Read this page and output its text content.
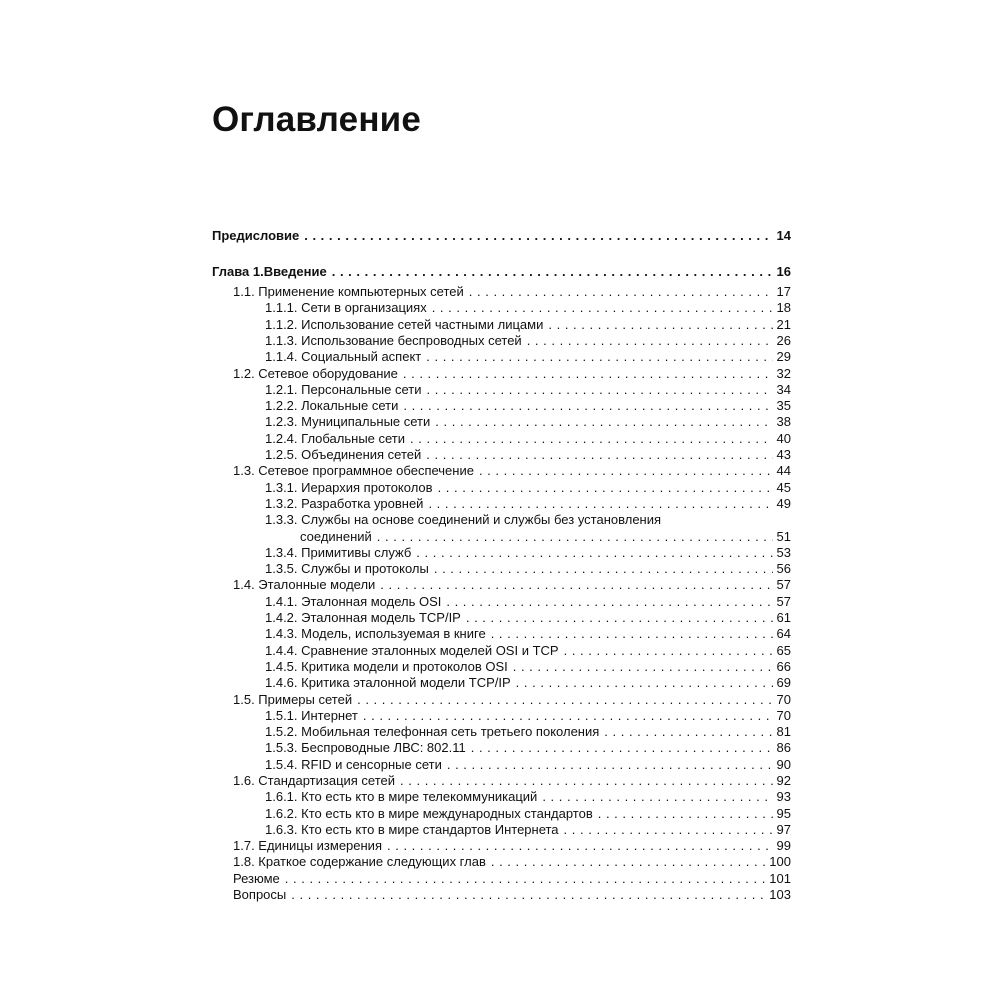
Оглавление
Предисловие . . .	14
Глава 1.Введение . . .	16
1.1. Применение компьютерных сетей . . .	17
1.1.1. Сети в организациях . . .	18
1.1.2. Использование сетей частными лицами . . .	21
1.1.3. Использование беспроводных сетей . . .	26
1.1.4. Социальный аспект . . .	29
1.2. Сетевое оборудование . . .	32
1.2.1. Персональные сети . . .	34
1.2.2. Локальные сети . . .	35
1.2.3. Муниципальные сети . . .	38
1.2.4. Глобальные сети . . .	40
1.2.5. Объединения сетей . . .	43
1.3. Сетевое программное обеспечение . . .	44
1.3.1. Иерархия протоколов . . .	45
1.3.2. Разработка уровней . . .	49
1.3.3. Службы на основе соединений и службы без установления
соединений . . .	51
1.3.4. Примитивы служб . . .	53
1.3.5. Службы и протоколы . . .	56
1.4. Эталонные модели . . .	57
1.4.1. Эталонная модель OSI . . .	57
1.4.2. Эталонная модель TCP/IP . . .	61
1.4.3. Модель, используемая в книге . . .	64
1.4.4. Сравнение эталонных моделей OSI и TCP . . .	65
1.4.5. Критика модели и протоколов OSI . . .	66
1.4.6. Критика эталонной модели TCP/IP . . .	69
1.5. Примеры сетей . . .	70
1.5.1. Интернет . . .	70
1.5.2. Мобильная телефонная сеть третьего поколения . . .	81
1.5.3. Беспроводные ЛВС: 802.11 . . .	86
1.5.4. RFID и сенсорные сети . . .	90
1.6. Стандартизация сетей . . .	92
1.6.1. Кто есть кто в мире телекоммуникаций . . .	93
1.6.2. Кто есть кто в мире международных стандартов . . .	95
1.6.3. Кто есть кто в мире стандартов Интернета . . .	97
1.7. Единицы измерения . . .	99
1.8. Краткое содержание следующих глав . . .	100
Резюме . . .	101
Вопросы . . .	103
